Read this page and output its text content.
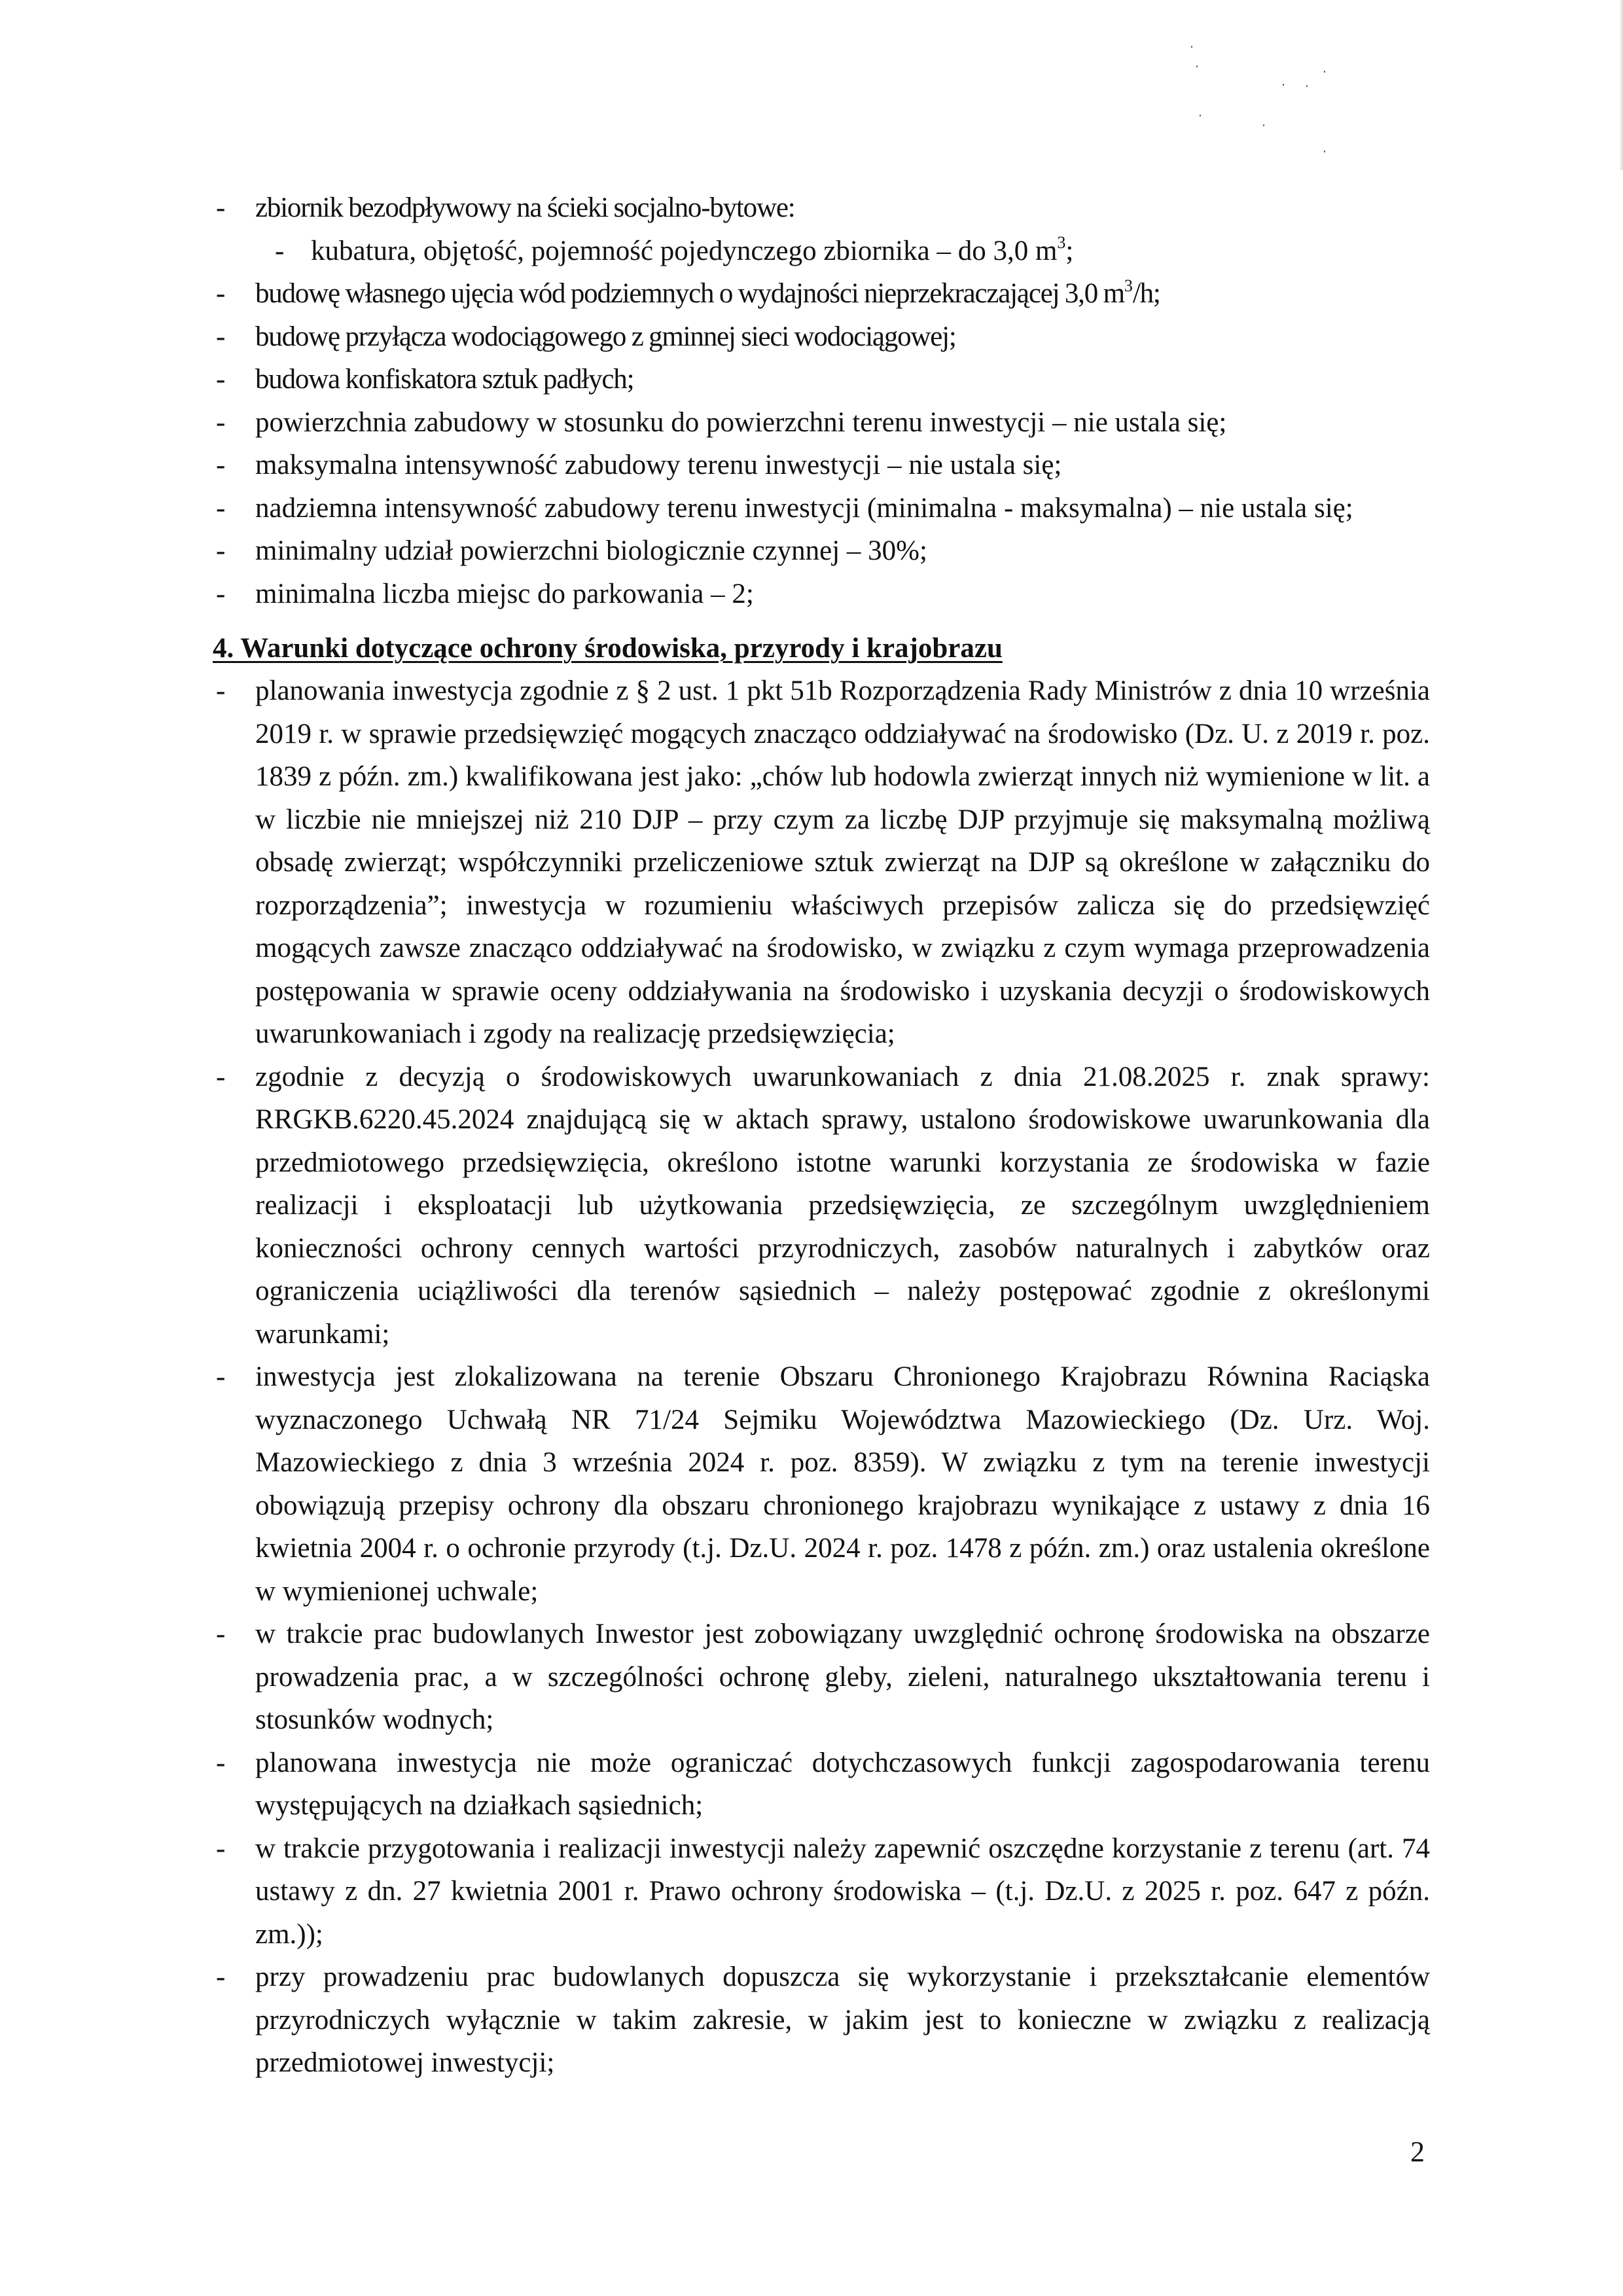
- zbiornik bezodpływowy na ścieki socjalno-bytowe:
- kubatura, objętość, pojemność pojedynczego zbiornika – do 3,0 $m^3$;
- budowę własnego ujęcia wód podziemnych o wydajności nieprzekraczającej 3,0 $m^3/h$;
- budowę przyłącza wodociągowego z gminnej sieci wodociągowej;
- budowa konfiskatora sztuk padłych;
- powierzchnia zabudowy w stosunku do powierzchni terenu inwestycji – nie ustala się;
- maksymalna intensywność zabudowy terenu inwestycji – nie ustala się;
- nadziemna intensywność zabudowy terenu inwestycji (minimalna - maksymalna) – nie ustala się;
- minimalny udział powierzchni biologicznie czynnej – 30%;
- minimalna liczba miejsc do parkowania – 2;
4. Warunki dotyczące ochrony środowiska, przyrody i krajobrazu
- planowania inwestycja zgodnie z § 2 ust. 1 pkt 51b Rozporządzenia Rady Ministrów z dnia 10 września 2019 r. w sprawie przedsięwzięć mogących znacząco oddziaływać na środowisko (Dz. U. z 2019 r. poz. 1839 z późn. zm.) kwalifikowana jest jako: „chów lub hodowla zwierząt innych niż wymienione w lit. a w liczbie nie mniejszej niż 210 DJP – przy czym za liczbę DJP przyjmuje się maksymalną możliwą obsadę zwierząt; współczynniki przeliczeniowe sztuk zwierząt na DJP są określone w załączniku do rozporządzenia”; inwestycja w rozumieniu właściwych przepisów zalicza się do przedsięwzięć mogących zawsze znacząco oddziaływać na środowisko, w związku z czym wymaga przeprowadzenia postępowania w sprawie oceny oddziaływania na środowisko i uzyskania decyzji o środowiskowych uwarunkowaniach i zgody na realizację przedsięwzięcia;
- zgodnie z decyzją o środowiskowych uwarunkowaniach z dnia 21.08.2025 r. znak sprawy: RRGKB.6220.45.2024 znajdującą się w aktach sprawy, ustalono środowiskowe uwarunkowania dla przedmiotowego przedsięwzięcia, określono istotne warunki korzystania ze środowiska w fazie realizacji i eksploatacji lub użytkowania przedsięwzięcia, ze szczególnym uwzględnieniem konieczności ochrony cennych wartości przyrodniczych, zasobów naturalnych i zabytków oraz ograniczenia uciążliwości dla terenów sąsiednich – należy postępować zgodnie z określonymi warunkami;
- inwestycja jest zlokalizowana na terenie Obszaru Chronionego Krajobrazu Równina Raciąska wyznaczonego Uchwałą NR 71/24 Sejmiku Województwa Mazowieckiego (Dz. Urz. Woj. Mazowieckiego z dnia 3 września 2024 r. poz. 8359). W związku z tym na terenie inwestycji obowiązują przepisy ochrony dla obszaru chronionego krajobrazu wynikające z ustawy z dnia 16 kwietnia 2004 r. o ochronie przyrody (t.j. Dz.U. 2024 r. poz. 1478 z późn. zm.) oraz ustalenia określone w wymienionej uchwale;
- w trakcie prac budowlanych Inwestor jest zobowiązany uwzględnić ochronę środowiska na obszarze prowadzenia prac, a w szczególności ochronę gleby, zieleni, naturalnego ukształtowania terenu i stosunków wodnych;
- planowana inwestycja nie może ograniczać dotychczasowych funkcji zagospodarowania terenu występujących na działkach sąsiednich;
- w trakcie przygotowania i realizacji inwestycji należy zapewnić oszczędne korzystanie z terenu (art. 74 ustawy z dn. 27 kwietnia 2001 r. Prawo ochrony środowiska – (t.j. Dz.U. z 2025 r. poz. 647 z późn. zm.));
- przy prowadzeniu prac budowlanych dopuszcza się wykorzystanie i przekształcanie elementów przyrodniczych wyłącznie w takim zakresie, w jakim jest to konieczne w związku z realizacją przedmiotowej inwestycji;
2
